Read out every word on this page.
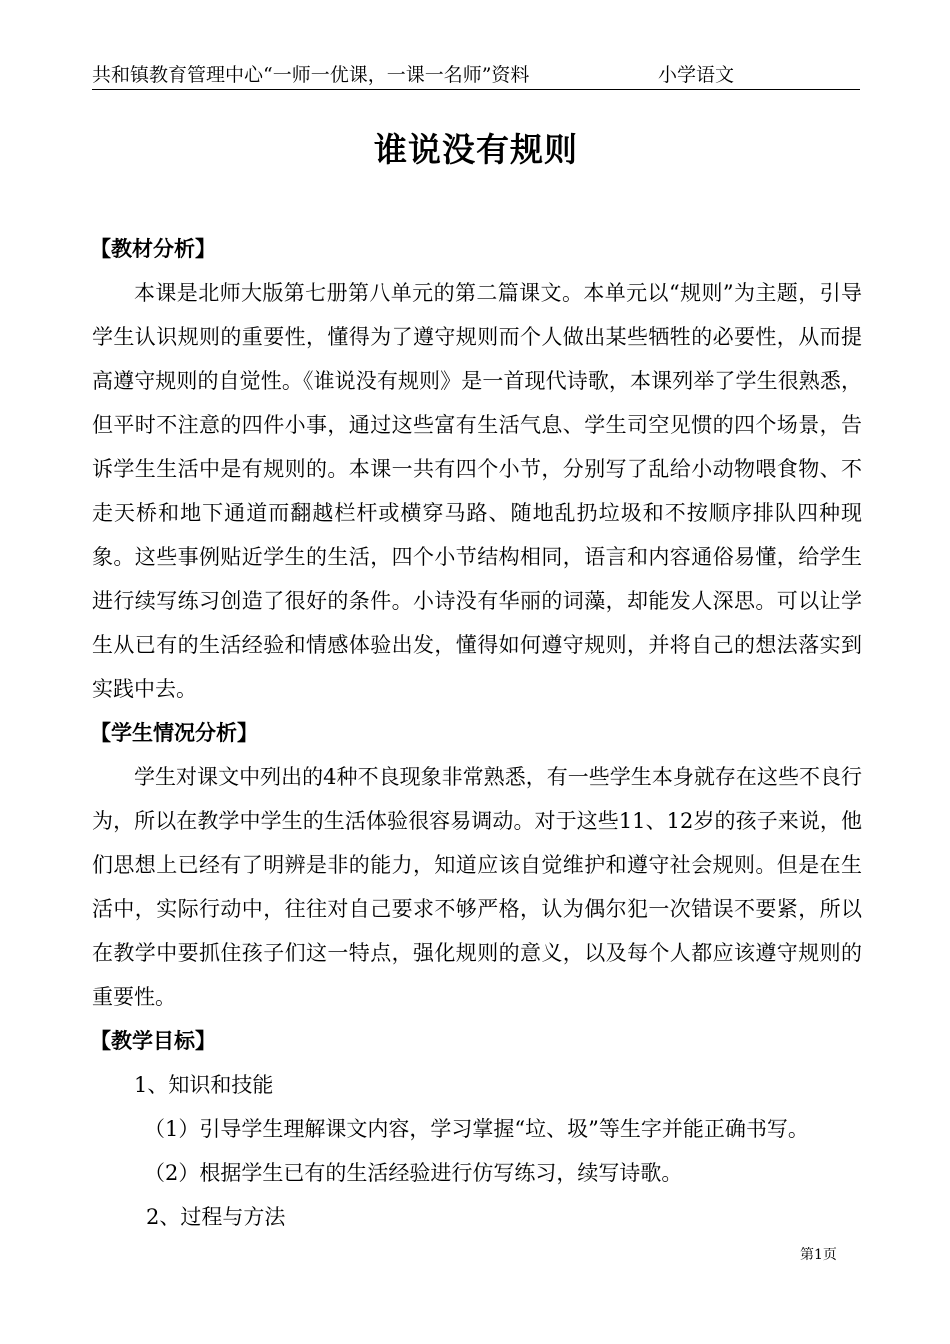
共和镇教育管理中心“一师一优课，一课一名师”资料	小学语文
谁说没有规则
【教材分析】

本课是北师大版第七册第八单元的第二篇课文。本单元以“规则”为主题，引导学生认识规则的重要性，懂得为了遵守规则而个人做出某些牺牲的必要性，从而提高遵守规则的自觉性。《谁说没有规则》是一首现代诗歌，本课列举了学生很熟悉，但平时不注意的四件小事，通过这些富有生活气息、学生司空见惯的四个场景，告诉学生生活中是有规则的。本课一共有四个小节，分别写了乱给小动物喂食物、不走天桥和地下通道而翻越栏杆或横穿马路、随地乱扔垃圾和不按顺序排队四种现象。这些事例贴近学生的生活，四个小节结构相同，语言和内容通俗易懂，给学生进行续写练习创造了很好的条件。小诗没有华丽的词藻，却能发人深思。可以让学生从已有的生活经验和情感体验出发，懂得如何遵守规则，并将自己的想法落实到实践中去。

【学生情况分析】

学生对课文中列出的4种不良现象非常熟悉，有一些学生本身就存在这些不良行为，所以在教学中学生的生活体验很容易调动。对于这些11、12岁的孩子来说，他们思想上已经有了明辨是非的能力，知道应该自觉维护和遵守社会规则。但是在生活中，实际行动中，往往对自己要求不够严格，认为偶尔犯一次错误不要紧，所以在教学中要抓住孩子们这一特点，强化规则的意义，以及每个人都应该遵守规则的重要性。

【教学目标】

1、知识和技能

（1）引导学生理解课文内容，学习掌握“垃、圾”等生字并能正确书写。

（2）根据学生已有的生活经验进行仿写练习，续写诗歌。

2、过程与方法

第1页
